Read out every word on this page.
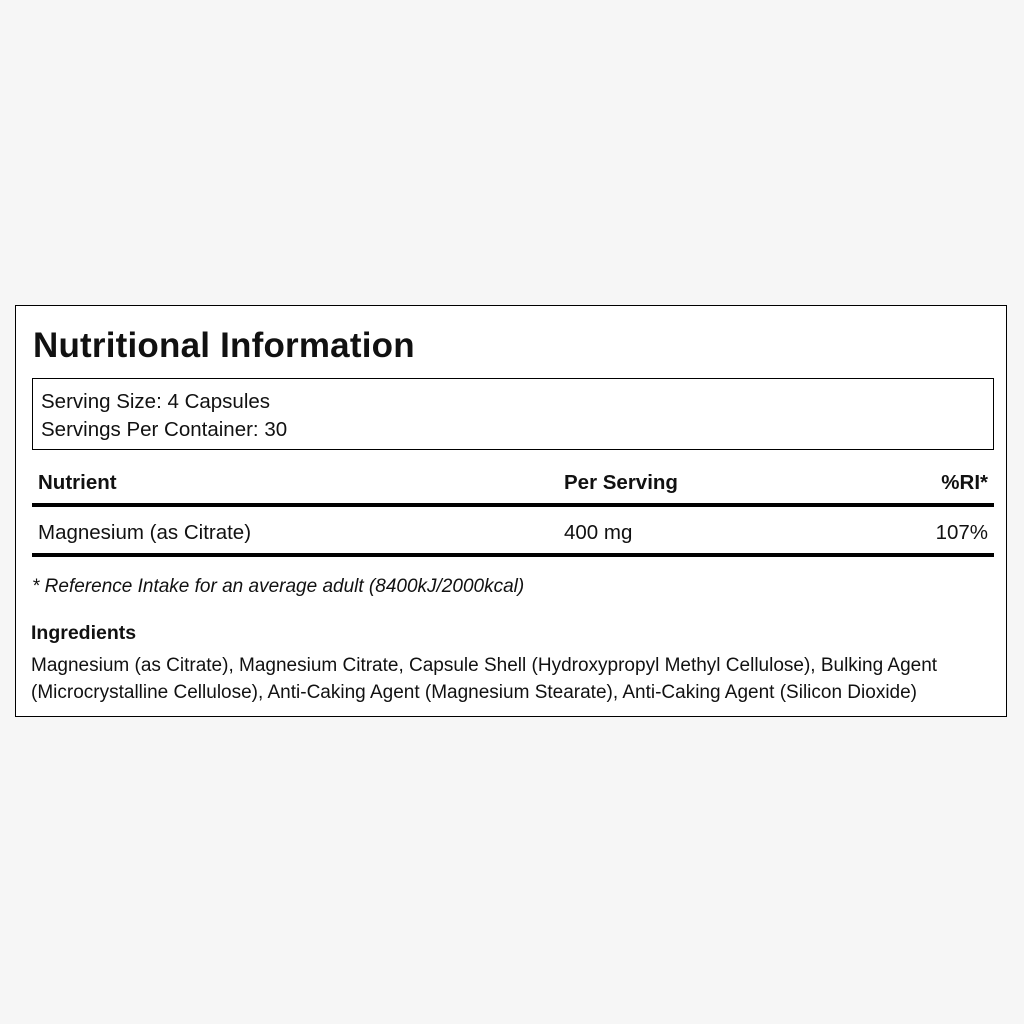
Nutritional Information
Serving Size: 4 Capsules
Servings Per Container: 30
Nutrient	Per Serving	%RI*
Magnesium (as Citrate)	400 mg	107%
* Reference Intake for an average adult (8400kJ/2000kcal)
Ingredients
Magnesium (as Citrate), Magnesium Citrate, Capsule Shell (Hydroxypropyl Methyl Cellulose), Bulking Agent (Microcrystalline Cellulose), Anti-Caking Agent (Magnesium Stearate), Anti-Caking Agent (Silicon Dioxide)
